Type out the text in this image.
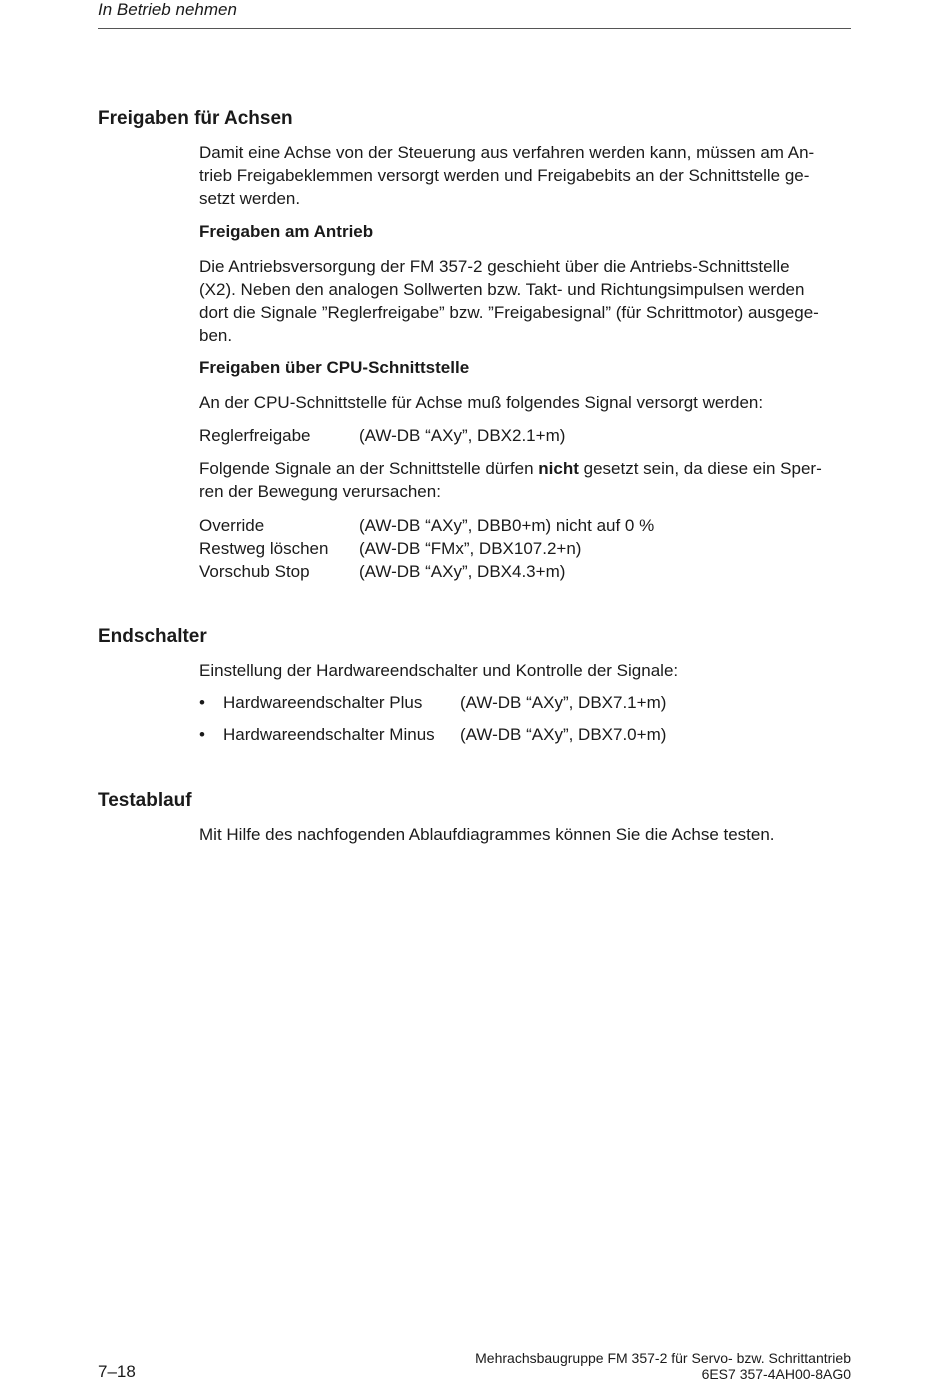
In Betrieb nehmen
Freigaben für Achsen
Damit eine Achse von der Steuerung aus verfahren werden kann, müssen am An-
trieb Freigabeklemmen versorgt werden und Freigabebits an der Schnittstelle ge-
setzt werden.
Freigaben am Antrieb
Die Antriebsversorgung der FM 357-2 geschieht über die Antriebs-Schnittstelle
(X2). Neben den analogen Sollwerten bzw. Takt- und Richtungsimpulsen werden
dort die Signale ”Reglerfreigabe” bzw. ”Freigabesignal” (für Schrittmotor) ausgege-
ben.
Freigaben über CPU-Schnittstelle
An der CPU-Schnittstelle für Achse muß folgendes Signal versorgt werden:
Reglerfreigabe	(AW-DB “AXy”, DBX2.1+m)
Folgende Signale an der Schnittstelle dürfen nicht gesetzt sein, da diese ein Sper-
ren der Bewegung verursachen:
Override	(AW-DB “AXy”, DBB0+m) nicht auf 0 %
Restweg löschen (AW-DB “FMx”, DBX107.2+n)
Vorschub Stop	(AW-DB “AXy”, DBX4.3+m)
Endschalter
Einstellung der Hardwareendschalter und Kontrolle der Signale:
• Hardwareendschalter Plus (AW-DB “AXy”, DBX7.1+m)
• Hardwareendschalter Minus (AW-DB “AXy”, DBX7.0+m)
Testablauf
Mit Hilfe des nachfogenden Ablaufdiagrammes können Sie die Achse testen.
7–18
Mehrachsbaugruppe FM 357-2 für Servo- bzw. Schrittantrieb
6ES7 357-4AH00-8AG0
